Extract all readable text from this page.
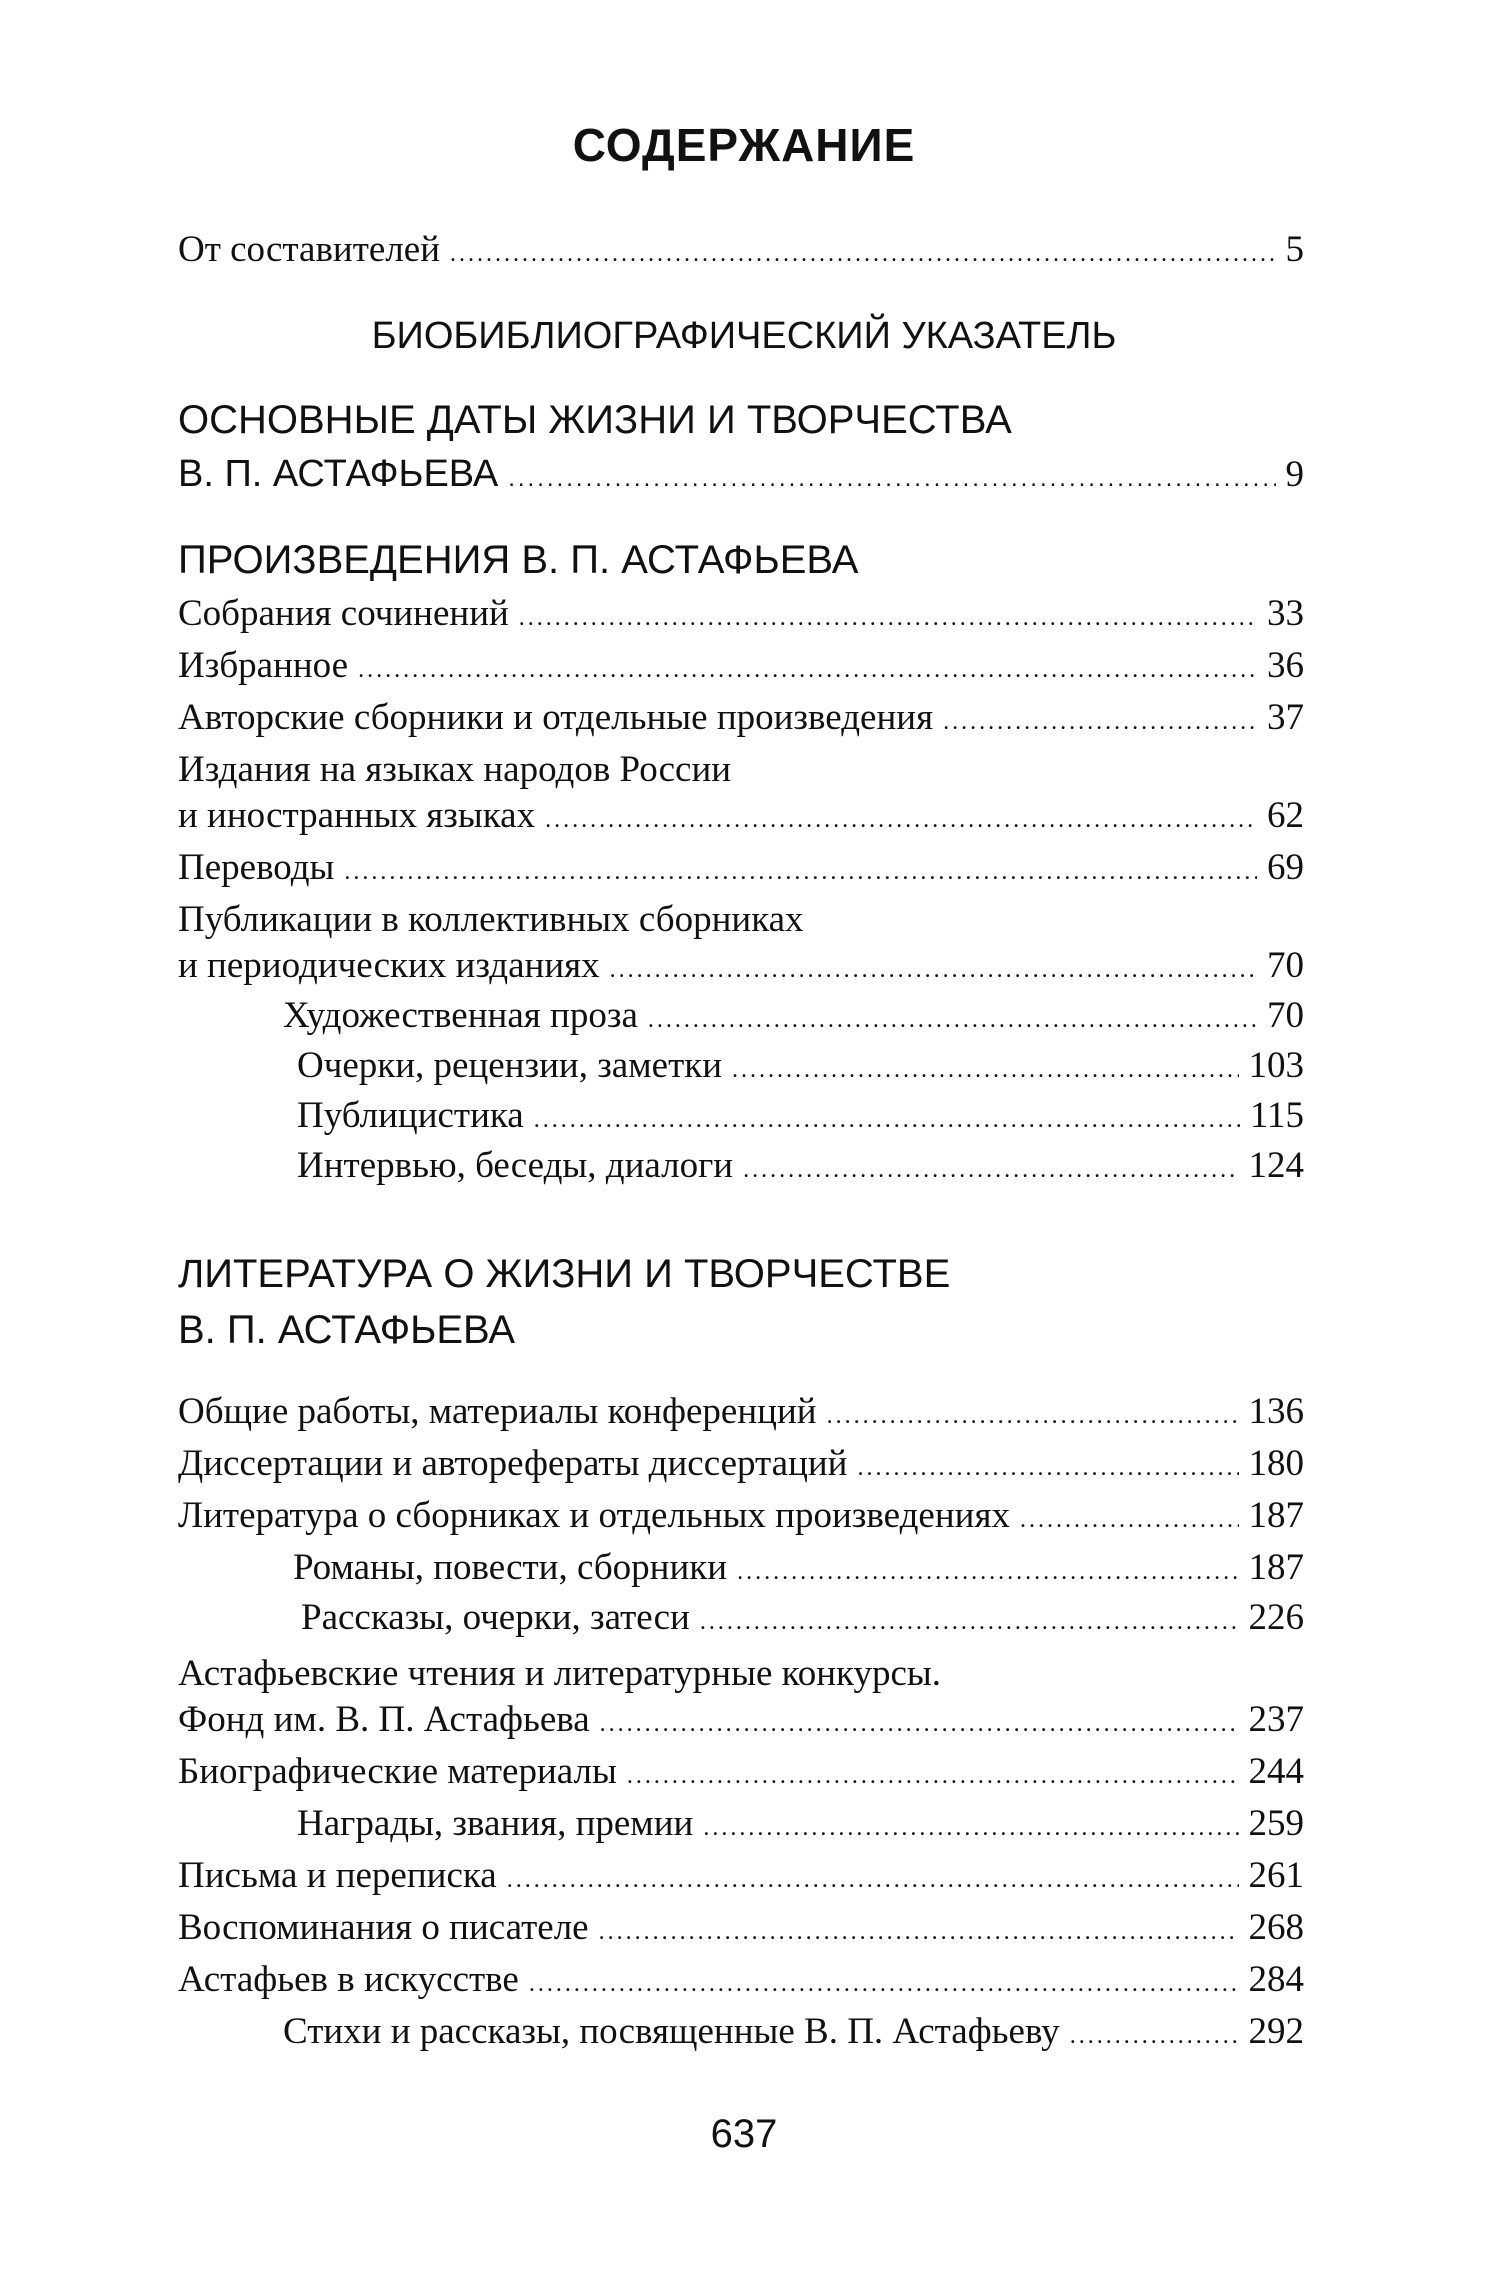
СОДЕРЖАНИЕ
От составителей .....	5
БИОБИБЛИОГРАФИЧЕСКИЙ УКАЗАТЕЛЬ
ОСНОВНЫЕ ДАТЫ ЖИЗНИ И ТВОРЧЕСТВА
В. П. АСТАФЬЕВА .....	9
ПРОИЗВЕДЕНИЯ В. П. АСТАФЬЕВА
Собрания сочинений .....	33
Избранное .....	36
Авторские сборники и отдельные произведения .....	37
Издания на языках народов России
и иностранных языках .....	62
Переводы .....	69
Публикации в коллективных сборниках
и периодических изданиях .....	70
Художественная проза .....	70
Очерки, рецензии, заметки .....	103
Публицистика .....	115
Интервью, беседы, диалоги .....	124
ЛИТЕРАТУРА О ЖИЗНИ И ТВОРЧЕСТВЕ
В. П. АСТАФЬЕВА
Общие работы, материалы конференций .....	136
Диссертации и авторефераты диссертаций .....	180
Литература о сборниках и отдельных произведениях .....	187
Романы, повести, сборники .....	187
Рассказы, очерки, затеси .....	226
Астафьевские чтения и литературные конкурсы.
Фонд им. В. П. Астафьева .....	237
Биографические материалы .....	244
Награды, звания, премии .....	259
Письма и переписка .....	261
Воспоминания о писателе .....	268
Астафьев в искусстве .....	284
Стихи и рассказы, посвященные В. П. Астафьеву .....	292
637
